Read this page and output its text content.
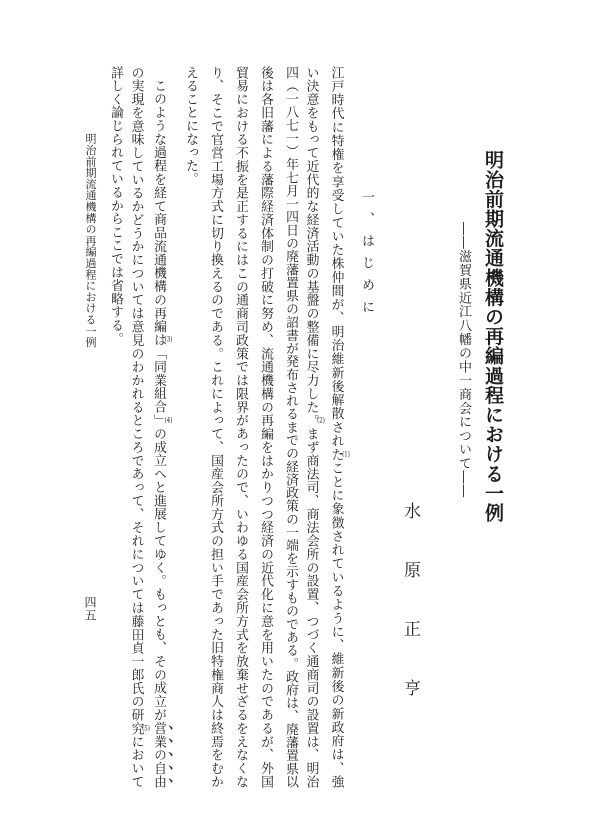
明治前期流通機構の再編過程における一例
――滋賀県近江八幡の中一商会について――
水原正亨
一、はじめに
江戸時代に特権を享受していた株仲間が、明治維新後解散された(1)ことに象徴されているように、維新後の新政府は、強
い決意をもって近代的な経済活動の基盤の整備に尽力した。(2)まず商法司、商法会所の設置、つづく通商司の設置は、明治
四（一八七一）年七月一四日の廃藩置県の詔書が発布されるまでの経済政策の一端を示すものである。政府は、廃藩置県以
後は各旧藩による藩際経済体制の打破に努め、流通機構の再編をはかりつつ経済の近代化に意を用いたのであるが、外国
貿易における不振を是正するにはこの通商司政策では限界があったので、いわゆる国産会所方式を放棄せざるをえなくな
り、そこで官営工場方式に切り換えるのである。これによって、国産会所方式の担い手であった旧特権商人は終焉をむか
えることになった。
このような過程を経て商品流通機構の再編は(3)「同業組合」(4)の成立へと進展してゆく。もっとも、その成立が営業の自由
の実現を意味しているかどうかについては意見のわかれるところであって、それについては藤田貞一郎氏の研究(5)において
詳しく論じられているからここでは省略する。
明治前期流通機構の再編過程における一例
四五
